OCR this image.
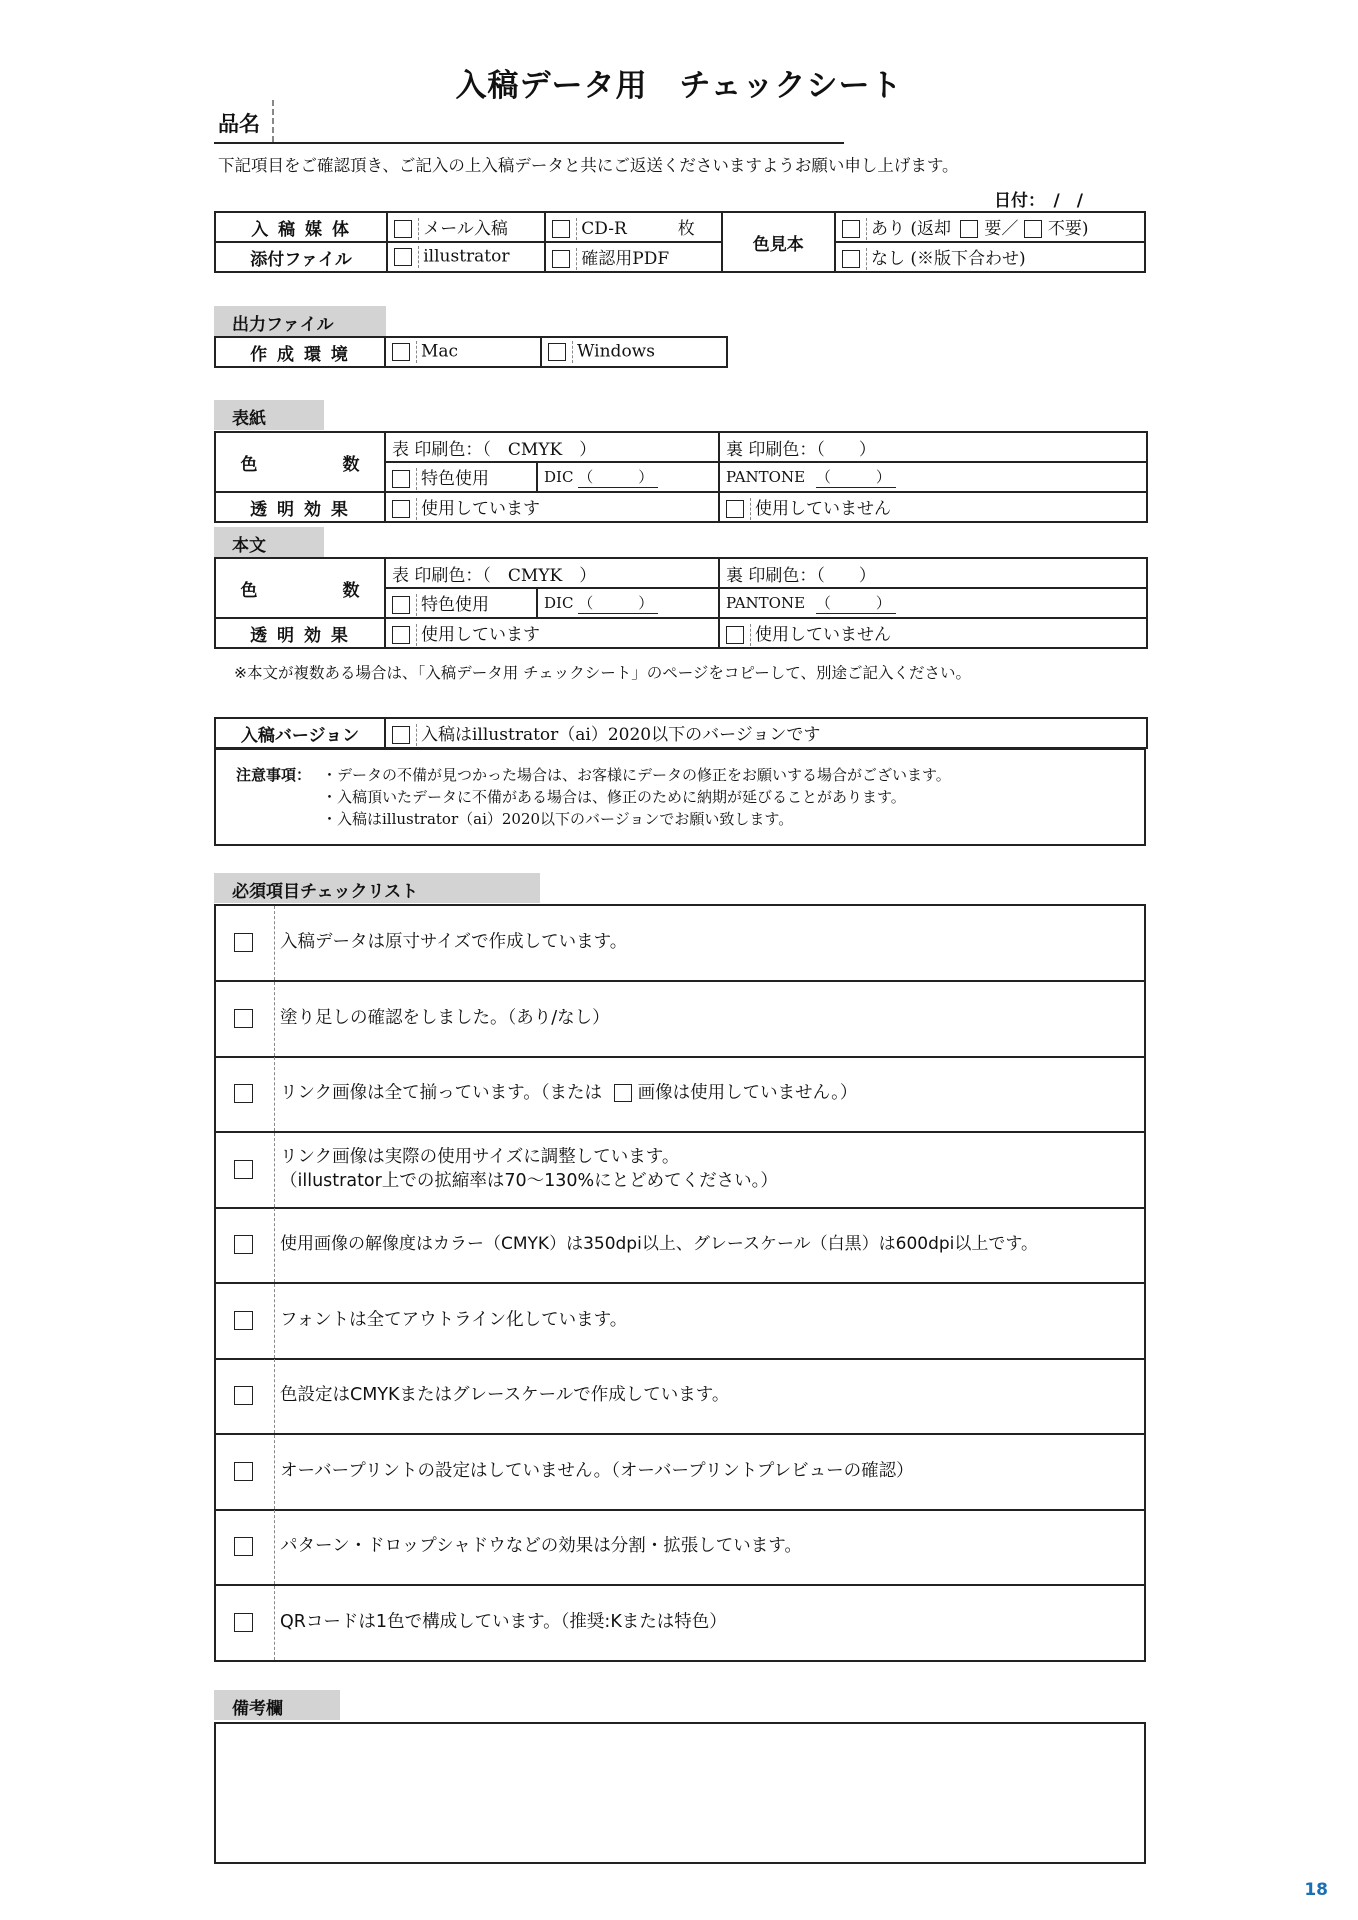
入稿データ用　チェックシート
品名
下記項目をご確認頂き、ご記入の上入稿データと共にご返送くださいますようお願い申し上げます。
日付：　/　/
入 稿 媒 体	メール入稿	CD-R　　　枚	色見本	あり (返却 要／ 不要)
添付ファイル	illustrator	確認用PDF		なし (※版下合わせ)
出力ファイル
作 成 環 境	Mac	Windows
表紙
色　　　　　数	表 印刷色：（　CMYK　）		裏 印刷色：（　　）
	特色使用	DIC （　　　）	PANTONE （　　　）
透 明 効 果	使用しています		使用していません
本文
色　　　　　数	表 印刷色：（　CMYK　）		裏 印刷色：（　　）
	特色使用	DIC （　　　）	PANTONE （　　　）
透 明 効 果	使用しています		使用していません
※本文が複数ある場合は、「入稿データ用 チェックシート」のページをコピーして、別途ご記入ください。
入稿バージョン	入稿はillustrator（ai）2020以下のバージョンです
注意事項： ・データの不備が見つかった場合は、お客様にデータの修正をお願いする場合がございます。
・入稿頂いたデータに不備がある場合は、修正のために納期が延びることがあります。
・入稿はillustrator（ai）2020以下のバージョンでお願い致します。
必須項目チェックリスト
入稿データは原寸サイズで作成しています。
塗り足しの確認をしました。（あり/なし）
リンク画像は全て揃っています。（または 画像は使用していません。）
リンク画像は実際の使用サイズに調整しています。
（illustrator上での拡縮率は70～130%にとどめてください。）
使用画像の解像度はカラー（CMYK）は350dpi以上、グレースケール（白黒）は600dpi以上です。
フォントは全てアウトライン化しています。
色設定はCMYKまたはグレースケールで作成しています。
オーバープリントの設定はしていません。（オーバープリントプレビューの確認）
パターン・ドロップシャドウなどの効果は分割・拡張しています。
QRコードは1色で構成しています。（推奨:Kまたは特色）
備考欄
18
